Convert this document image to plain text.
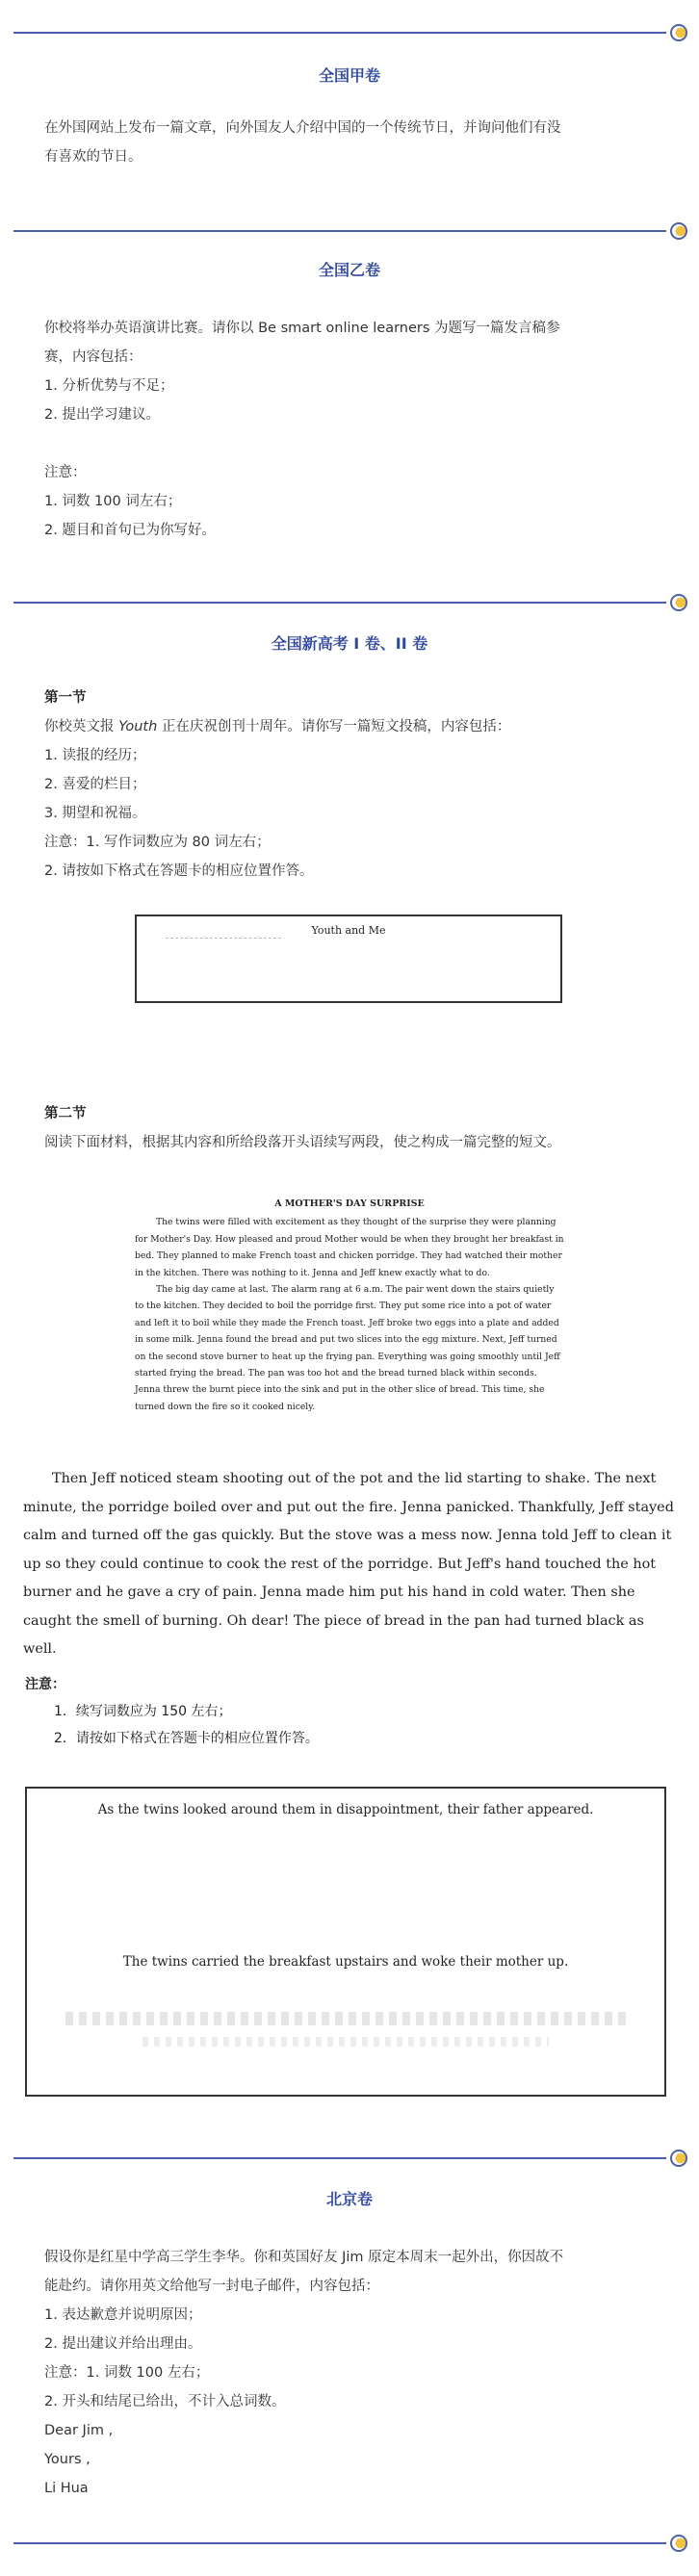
全国甲卷

在外国网站上发布一篇文章，向外国友人介绍中国的一个传统节日，并询问他们有没

有喜欢的节日。

全国乙卷

你校将举办英语演讲比赛。请你以 Be smart online learners 为题写一篇发言稿参

赛，内容包括：

1. 分析优势与不足；

2. 提出学习建议。

注意：

1. 词数 100 词左右；

2. 题目和首句已为你写好。

全国新高考 I 卷、II 卷

第一节

你校英文报 Youth 正在庆祝创刊十周年。请你写一篇短文投稿，内容包括：

1. 读报的经历；

2. 喜爱的栏目；

3. 期望和祝福。

注意：1. 写作词数应为 80 词左右；

2. 请按如下格式在答题卡的相应位置作答。

Youth and Me

第二节

阅读下面材料，根据其内容和所给段落开头语续写两段，使之构成一篇完整的短文。

A MOTHER'S DAY SURPRISE

The twins were filled with excitement as they thought of the surprise they were planning for Mother's Day. How pleased and proud Mother would be when they brought her breakfast in bed. They planned to make French toast and chicken porridge. They had watched their mother in the kitchen. There was nothing to it. Jenna and Jeff knew exactly what to do.

The big day came at last. The alarm rang at 6 a.m. The pair went down the stairs quietly to the kitchen. They decided to boil the porridge first. They put some rice into a pot of water and left it to boil while they made the French toast. Jeff broke two eggs into a plate and added in some milk. Jenna found the bread and put two slices into the egg mixture. Next, Jeff turned on the second stove burner to heat up the frying pan. Everything was going smoothly until Jeff started frying the bread. The pan was too hot and the bread turned black within seconds. Jenna threw the burnt piece into the sink and put in the other slice of bread. This time, she turned down the fire so it cooked nicely.

Then Jeff noticed steam shooting out of the pot and the lid starting to shake. The next minute, the porridge boiled over and put out the fire. Jenna panicked. Thankfully, Jeff stayed calm and turned off the gas quickly. But the stove was a mess now. Jenna told Jeff to clean it up so they could continue to cook the rest of the porridge. But Jeff's hand touched the hot burner and he gave a cry of pain. Jenna made him put his hand in cold water. Then she caught the smell of burning. Oh dear! The piece of bread in the pan had turned black as well.

注意：
1．续写词数应为 150 左右；
2．请按如下格式在答题卡的相应位置作答。
As the twins looked around them in disappointment, their father appeared.
The twins carried the breakfast upstairs and woke their mother up.
北京卷

假设你是红星中学高三学生李华。你和英国好友 Jim 原定本周末一起外出，你因故不

能赴约。请你用英文给他写一封电子邮件，内容包括：

1. 表达歉意并说明原因；

2. 提出建议并给出理由。

注意：1. 词数 100 左右；

2. 开头和结尾已给出，不计入总词数。

Dear Jim ,

Yours ,

Li Hua
